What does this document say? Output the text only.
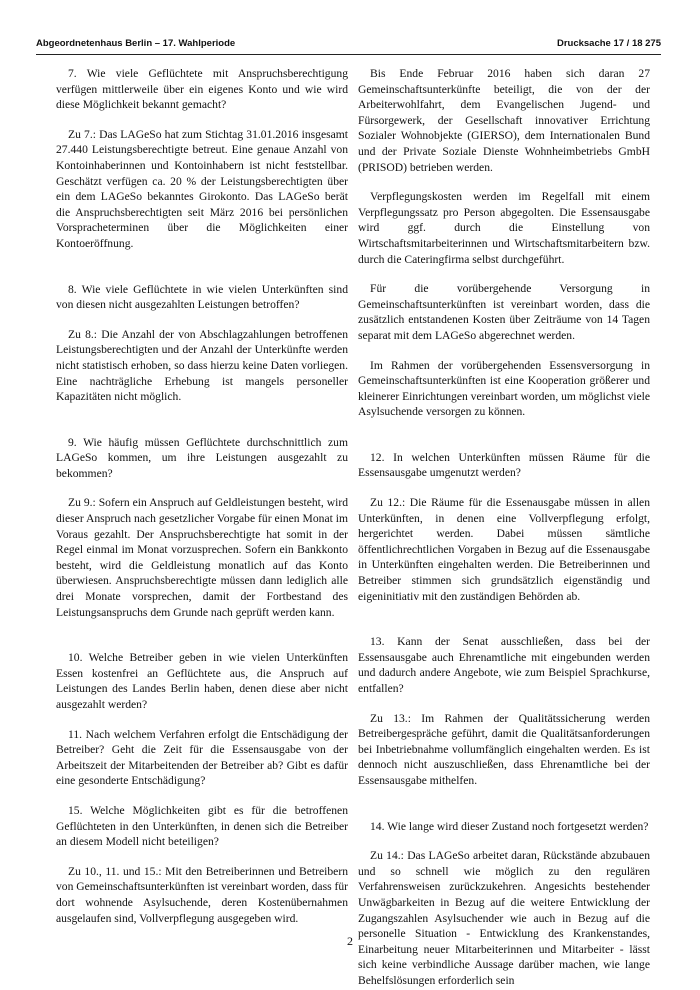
Abgeordnetenhaus Berlin – 17. Wahlperiode	Drucksache 17 / 18 275

7. Wie viele Geflüchtete mit Anspruchsberechtigung verfügen mittlerweile über ein eigenes Konto und wie wird diese Möglichkeit bekannt gemacht?

Zu 7.: Das LAGeSo hat zum Stichtag 31.01.2016 insgesamt 27.440 Leistungsberechtigte betreut. Eine genaue Anzahl von Kontoinhaberinnen und Kontoinhabern ist nicht feststellbar. Geschätzt verfügen ca. 20 % der Leistungsberechtigten über ein dem LAGeSo bekanntes Girokonto. Das LAGeSo berät die Anspruchsberechtigten seit März 2016 bei persönlichen Vorspracheterminen über die Möglichkeiten einer Kontoeröffnung.

8. Wie viele Geflüchtete in wie vielen Unterkünften sind von diesen nicht ausgezahlten Leistungen betroffen?

Zu 8.: Die Anzahl der von Abschlagzahlungen betroffenen Leistungsberechtigten und der Anzahl der Unterkünfte werden nicht statistisch erhoben, so dass hierzu keine Daten vorliegen. Eine nachträgliche Erhebung ist mangels personeller Kapazitäten nicht möglich.

9. Wie häufig müssen Geflüchtete durchschnittlich zum LAGeSo kommen, um ihre Leistungen ausgezahlt zu bekommen?

Zu 9.: Sofern ein Anspruch auf Geldleistungen besteht, wird dieser Anspruch nach gesetzlicher Vorgabe für einen Monat im Voraus gezahlt. Der Anspruchsberechtigte hat somit in der Regel einmal im Monat vorzusprechen. Sofern ein Bankkonto besteht, wird die Geldleistung monatlich auf das Konto überwiesen. Anspruchsberechtigte müssen dann lediglich alle drei Monate vorsprechen, damit der Fortbestand des Leistungsanspruchs dem Grunde nach geprüft werden kann.

10. Welche Betreiber geben in wie vielen Unterkünften Essen kostenfrei an Geflüchtete aus, die Anspruch auf Leistungen des Landes Berlin haben, denen diese aber nicht ausgezahlt werden?

11. Nach welchem Verfahren erfolgt die Entschädigung der Betreiber? Geht die Zeit für die Essensausgabe von der Arbeitszeit der Mitarbeitenden der Betreiber ab? Gibt es dafür eine gesonderte Entschädigung?

15. Welche Möglichkeiten gibt es für die betroffenen Geflüchteten in den Unterkünften, in denen sich die Betreiber an diesem Modell nicht beteiligen?

Zu 10., 11. und 15.: Mit den Betreiberinnen und Betreibern von Gemeinschaftsunterkünften ist vereinbart worden, dass für dort wohnende Asylsuchende, deren Kostenübernahmen ausgelaufen sind, Vollverpflegung ausgegeben wird.

Bis Ende Februar 2016 haben sich daran 27 Gemeinschaftsunterkünfte beteiligt, die von der der Arbeiterwohlfahrt, dem Evangelischen Jugend- und Fürsorgewerk, der Gesellschaft innovativer Errichtung Sozialer Wohnobjekte (GIERSO), dem Internationalen Bund und der Private Soziale Dienste Wohnheimbetriebs GmbH (PRISOD) betrieben werden.

Verpflegungskosten werden im Regelfall mit einem Verpflegungssatz pro Person abgegolten. Die Essensausgabe wird ggf. durch die Einstellung von Wirtschaftsmitarbeiterinnen und Wirtschaftsmitarbeitern bzw. durch die Cateringfirma selbst durchgeführt.

Für die vorübergehende Versorgung in Gemeinschaftsunterkünften ist vereinbart worden, dass die zusätzlich entstandenen Kosten über Zeiträume von 14 Tagen separat mit dem LAGeSo abgerechnet werden.

Im Rahmen der vorübergehenden Essensversorgung in Gemeinschaftsunterkünften ist eine Kooperation größerer und kleinerer Einrichtungen vereinbart worden, um möglichst viele Asylsuchende versorgen zu können.

12. In welchen Unterkünften müssen Räume für die Essensausgabe umgenutzt werden?

Zu 12.: Die Räume für die Essenausgabe müssen in allen Unterkünften, in denen eine Vollverpflegung erfolgt, hergerichtet werden. Dabei müssen sämtliche öffentlichrechtlichen Vorgaben in Bezug auf die Essenausgabe in Unterkünften eingehalten werden. Die Betreiberinnen und Betreiber stimmen sich grundsätzlich eigenständig und eigeninitiativ mit den zuständigen Behörden ab.

13. Kann der Senat ausschließen, dass bei der Essensausgabe auch Ehrenamtliche mit eingebunden werden und dadurch andere Angebote, wie zum Beispiel Sprachkurse, entfallen?

Zu 13.: Im Rahmen der Qualitätssicherung werden Betreibergespräche geführt, damit die Qualitätsanforderungen bei Inbetriebnahme vollumfänglich eingehalten werden. Es ist dennoch nicht auszuschließen, dass Ehrenamtliche bei der Essensausgabe mithelfen.

14. Wie lange wird dieser Zustand noch fortgesetzt werden?

Zu 14.: Das LAGeSo arbeitet daran, Rückstände abzubauen und so schnell wie möglich zu den regulären Verfahrensweisen zurückzukehren. Angesichts bestehender Unwägbarkeiten in Bezug auf die weitere Entwicklung der Zugangszahlen Asylsuchender wie auch in Bezug auf die personelle Situation - Entwicklung des Krankenstandes, Einarbeitung neuer Mitarbeiterinnen und Mitarbeiter - lässt sich keine verbindliche Aussage darüber machen, wie lange Behelfslösungen erforderlich sein

2
